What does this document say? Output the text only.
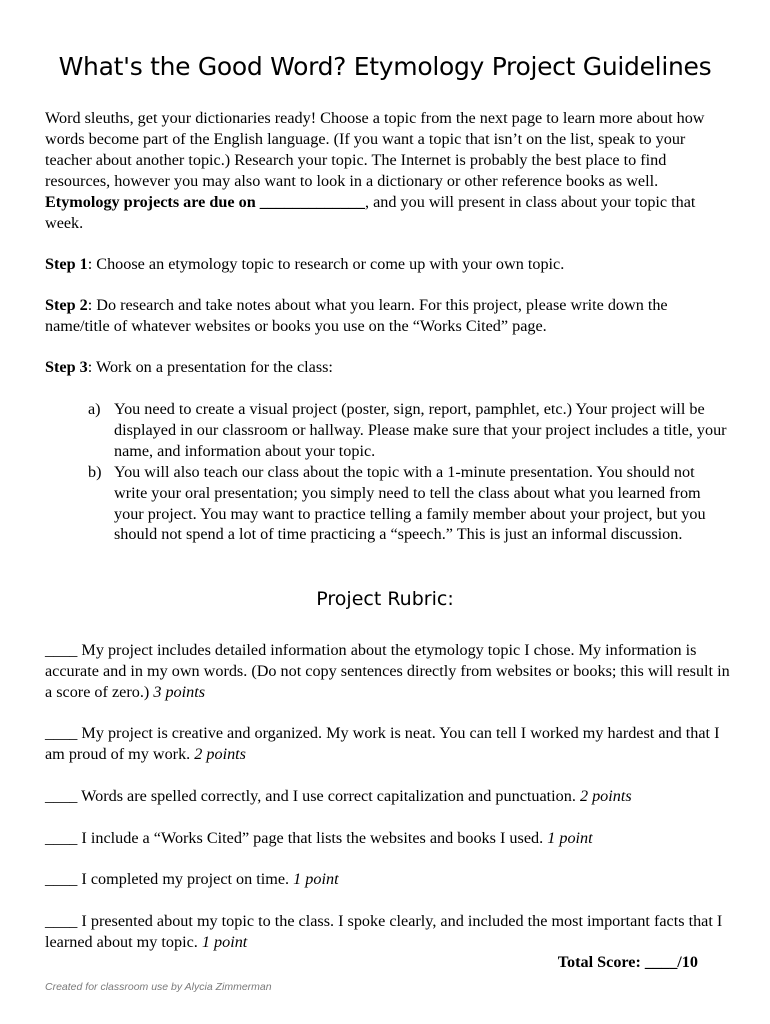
What's the Good Word? Etymology Project Guidelines

Word sleuths, get your dictionaries ready! Choose a topic from the next page to learn more about how words become part of the English language. (If you want a topic that isn’t on the list, speak to your teacher about another topic.) Research your topic. The Internet is probably the best place to find resources, however you may also want to look in a dictionary or other reference books as well. Etymology projects are due on _____________, and you will present in class about your topic that week.

Step 1: Choose an etymology topic to research or come up with your own topic.

Step 2: Do research and take notes about what you learn. For this project, please write down the name/title of whatever websites or books you use on the “Works Cited” page.

Step 3: Work on a presentation for the class:

a) You need to create a visual project (poster, sign, report, pamphlet, etc.) Your project will be displayed in our classroom or hallway. Please make sure that your project includes a title, your name, and information about your topic.
b) You will also teach our class about the topic with a 1-minute presentation. You should not write your oral presentation; you simply need to tell the class about what you learned from your project. You may want to practice telling a family member about your project, but you should not spend a lot of time practicing a “speech.” This is just an informal discussion.
Project Rubric:

____ My project includes detailed information about the etymology topic I chose. My information is accurate and in my own words. (Do not copy sentences directly from websites or books; this will result in a score of zero.) 3 points

____ My project is creative and organized. My work is neat. You can tell I worked my hardest and that I am proud of my work. 2 points

____ Words are spelled correctly, and I use correct capitalization and punctuation. 2 points

____ I include a “Works Cited” page that lists the websites and books I used. 1 point

____ I completed my project on time. 1 point

____ I presented about my topic to the class. I spoke clearly, and included the most important facts that I learned about my topic. 1 point

Total Score: ____/10
Created for classroom use by Alycia Zimmerman
